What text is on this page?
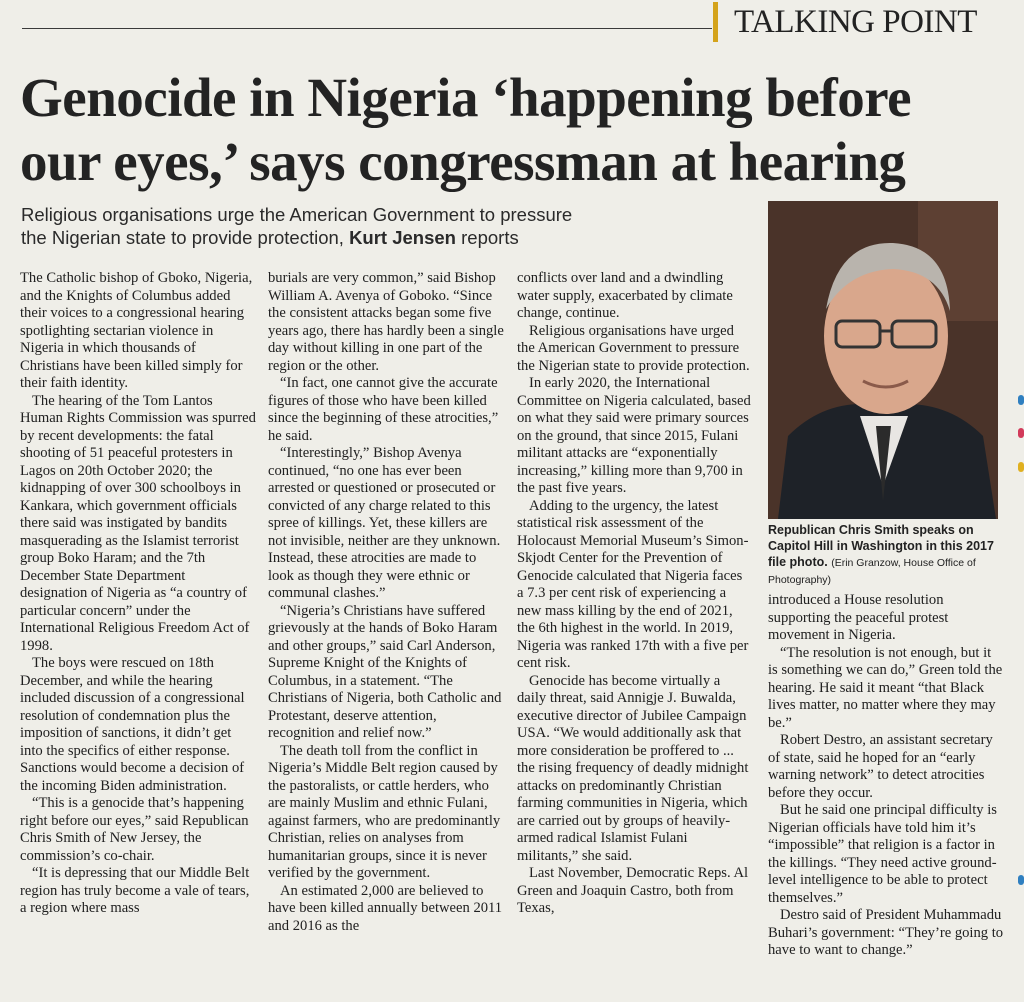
TALKING POINT
Genocide in Nigeria ‘happening before
our eyes,’ says congressman at hearing
Religious organisations urge the American Government to pressure
the Nigerian state to provide protection, Kurt Jensen reports

The Catholic bishop of Gboko, Nigeria, and the Knights of Columbus added their voices to a congressional hearing spotlighting sectarian violence in Nigeria in which thousands of Christians have been killed simply for their faith identity.

The hearing of the Tom Lantos Human Rights Commission was spurred by recent developments: the fatal shooting of 51 peaceful protesters in Lagos on 20th October 2020; the kidnapping of over 300 schoolboys in Kankara, which government officials there said was instigated by bandits masquerading as the Islamist terrorist group Boko Haram; and the 7th December State Department designation of Nigeria as “a country of particular concern” under the International Religious Freedom Act of 1998.

The boys were rescued on 18th December, and while the hearing included discussion of a congressional resolution of condemnation plus the imposition of sanctions, it didn’t get into the specifics of either response. Sanctions would become a decision of the incoming Biden administration.

“This is a genocide that’s happening right before our eyes,” said Republican Chris Smith of New Jersey, the commission’s co-chair.

“It is depressing that our Middle Belt region has truly become a vale of tears, a region where mass

burials are very common,” said Bishop William A. Avenya of Goboko. “Since the consistent attacks began some five years ago, there has hardly been a single day without killing in one part of the region or the other.

“In fact, one cannot give the accurate figures of those who have been killed since the beginning of these atrocities,” he said.

“Interestingly,” Bishop Avenya continued, “no one has ever been arrested or questioned or prosecuted or convicted of any charge related to this spree of killings. Yet, these killers are not invisible, neither are they unknown. Instead, these atrocities are made to look as though they were ethnic or communal clashes.”

“Nigeria’s Christians have suffered grievously at the hands of Boko Haram and other groups,” said Carl Anderson, Supreme Knight of the Knights of Columbus, in a statement. “The Christians of Nigeria, both Catholic and Protestant, deserve attention, recognition and relief now.”

The death toll from the conflict in Nigeria’s Middle Belt region caused by the pastoralists, or cattle herders, who are mainly Muslim and ethnic Fulani, against farmers, who are predominantly Christian, relies on analyses from humanitarian groups, since it is never verified by the government.

An estimated 2,000 are believed to have been killed annually between 2011 and 2016 as the

conflicts over land and a dwindling water supply, exacerbated by climate change, continue.

Religious organisations have urged the American Government to pressure the Nigerian state to provide protection.

In early 2020, the International Committee on Nigeria calculated, based on what they said were primary sources on the ground, that since 2015, Fulani militant attacks are “exponentially increasing,” killing more than 9,700 in the past five years.

Adding to the urgency, the latest statistical risk assessment of the Holocaust Memorial Museum’s Simon-Skjodt Center for the Prevention of Genocide calculated that Nigeria faces a 7.3 per cent risk of experiencing a new mass killing by the end of 2021, the 6th highest in the world. In 2019, Nigeria was ranked 17th with a five per cent risk.

Genocide has become virtually a daily threat, said Annigje J. Buwalda, executive director of Jubilee Campaign USA. “We would additionally ask that more consideration be proffered to ... the rising frequency of deadly midnight attacks on predominantly Christian farming communities in Nigeria, which are carried out by groups of heavily-armed radical Islamist Fulani militants,” she said.

Last November, Democratic Reps. Al Green and Joaquin Castro, both from Texas,

Republican Chris Smith speaks on Capitol Hill in Washington in this 2017 file photo. (Erin Granzow, House Office of Photography)

introduced a House resolution supporting the peaceful protest movement in Nigeria.

“The resolution is not enough, but it is something we can do,” Green told the hearing. He said it meant “that Black lives matter, no matter where they may be.”

Robert Destro, an assistant secretary of state, said he hoped for an “early warning network” to detect atrocities before they occur.

But he said one principal difficulty is Nigerian officials have told him it’s “impossible” that religion is a factor in the killings. “They need active ground-level intelligence to be able to protect themselves.”

Destro said of President Muhammadu Buhari’s government: “They’re going to have to want to change.”
